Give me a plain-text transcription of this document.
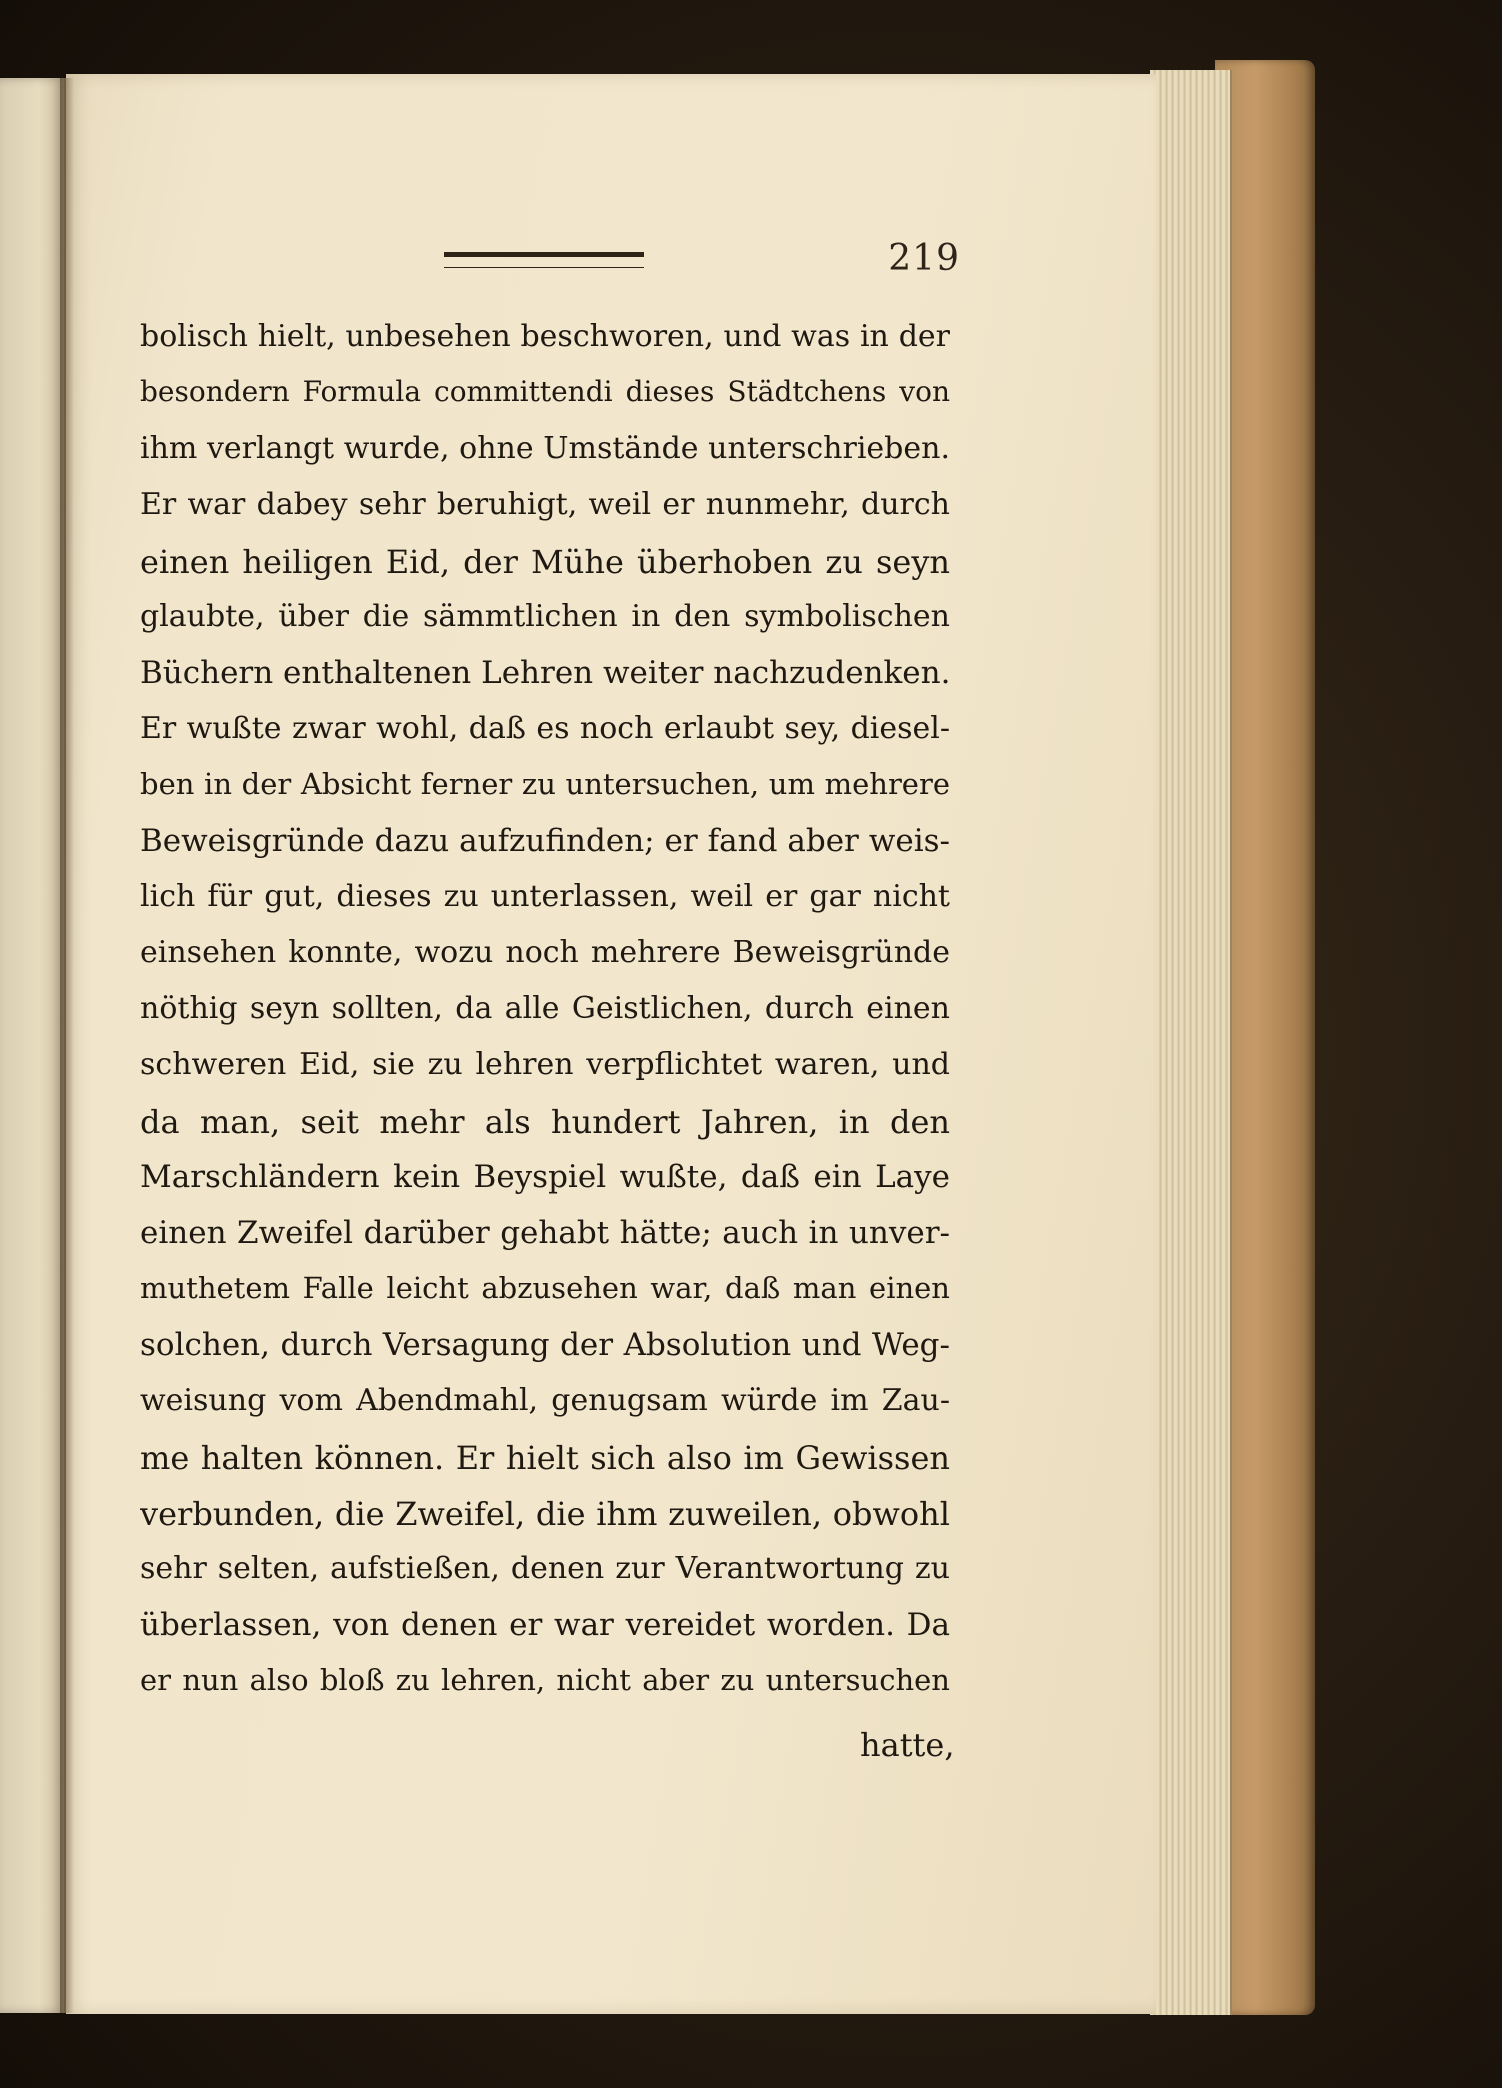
219
bolisch hielt, unbesehen beschworen, und was in der
besondern Formula committendi dieses Städtchens von
ihm verlangt wurde, ohne Umstände unterschrieben.
Er war dabey sehr beruhigt, weil er nunmehr, durch
einen heiligen Eid, der Mühe überhoben zu seyn
glaubte, über die sämmtlichen in den symbolischen
Büchern enthaltenen Lehren weiter nachzudenken.
Er wußte zwar wohl, daß es noch erlaubt sey, diesel-
ben in der Absicht ferner zu untersuchen, um mehrere
Beweisgründe dazu aufzufinden; er fand aber weis-
lich für gut, dieses zu unterlassen, weil er gar nicht
einsehen konnte, wozu noch mehrere Beweisgründe
nöthig seyn sollten, da alle Geistlichen, durch einen
schweren Eid, sie zu lehren verpflichtet waren, und
da man, seit mehr als hundert Jahren, in den
Marschländern kein Beyspiel wußte, daß ein Laye
einen Zweifel darüber gehabt hätte; auch in unver-
muthetem Falle leicht abzusehen war, daß man einen
solchen, durch Versagung der Absolution und Weg-
weisung vom Abendmahl, genugsam würde im Zau-
me halten können. Er hielt sich also im Gewissen
verbunden, die Zweifel, die ihm zuweilen, obwohl
sehr selten, aufstießen, denen zur Verantwortung zu
überlassen, von denen er war vereidet worden. Da
er nun also bloß zu lehren, nicht aber zu untersuchen
hatte,
